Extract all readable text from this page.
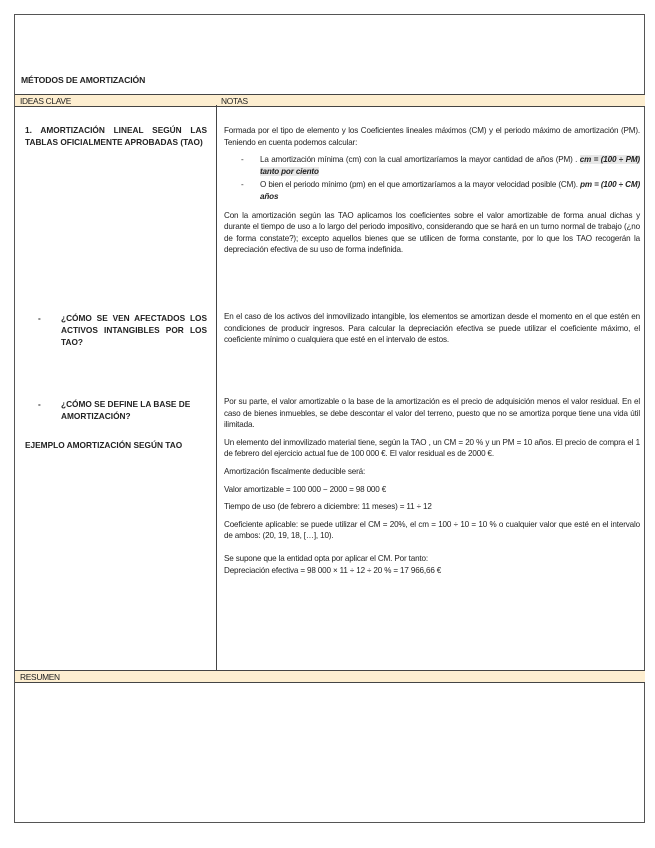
MÉTODOS DE AMORTIZACIÓN
IDEAS CLAVE	NOTAS
1. AMORTIZACIÓN LINEAL SEGÚN LAS TABLAS OFICIALMENTE APROBADAS (TAO)
- ¿CÓMO SE VEN AFECTADOS LOS ACTIVOS INTANGIBLES POR LOS TAO?
- ¿CÓMO SE DEFINE LA BASE DE AMORTIZACIÓN?
EJEMPLO AMORTIZACIÓN SEGÚN TAO

Formada por el tipo de elemento y los Coeficientes lineales máximos (CM) y el periodo máximo de amortización (PM). Teniendo en cuenta podemos calcular:

- La amortización mínima (cm) con la cual amortizaríamos la mayor cantidad de años (PM) . cm = (100 ÷ PM) tanto por ciento
- O bien el periodo mínimo (pm) en el que amortizaríamos a la mayor velocidad posible (CM). pm = (100 ÷ CM) años

Con la amortización según las TAO aplicamos los coeficientes sobre el valor amortizable de forma anual dichas y durante el tiempo de uso a lo largo del periodo impositivo, considerando que se hará en un turno normal de trabajo (¿no de forma constate?); excepto aquellos bienes que se utilicen de forma constante, por lo que los TAO recogerán la depreciación efectiva de su uso de forma indefinida.

En el caso de los activos del inmovilizado intangible, los elementos se amortizan desde el momento en el que estén en condiciones de producir ingresos. Para calcular la depreciación efectiva se puede utilizar el coeficiente máximo, el coeficiente mínimo o cualquiera que esté en el intervalo de estos.

Por su parte, el valor amortizable o la base de la amortización es el precio de adquisición menos el valor residual. En el caso de bienes inmuebles, se debe descontar el valor del terreno, puesto que no se amortiza porque tiene una vida útil ilimitada.

Un elemento del inmovilizado material tiene, según la TAO , un CM = 20 % y un PM = 10 años. El precio de compra el 1 de febrero del ejercicio actual fue de 100 000 €. El valor residual es de 2000 €.

Amortización fiscalmente deducible será:

Valor amortizable = 100 000 − 2000 = 98 000 €

Tiempo de uso (de febrero a diciembre: 11 meses) = 11 ÷ 12

Coeficiente aplicable: se puede utilizar el CM = 20%, el cm = 100 ÷ 10 = 10 % o cualquier valor que esté en el intervalo de ambos: (20, 19, 18, […], 10).

Se supone que la entidad opta por aplicar el CM. Por tanto:

Depreciación efectiva = 98 000 × 11 ÷ 12 ÷ 20 % = 17 966,66 €

RESUMEN
